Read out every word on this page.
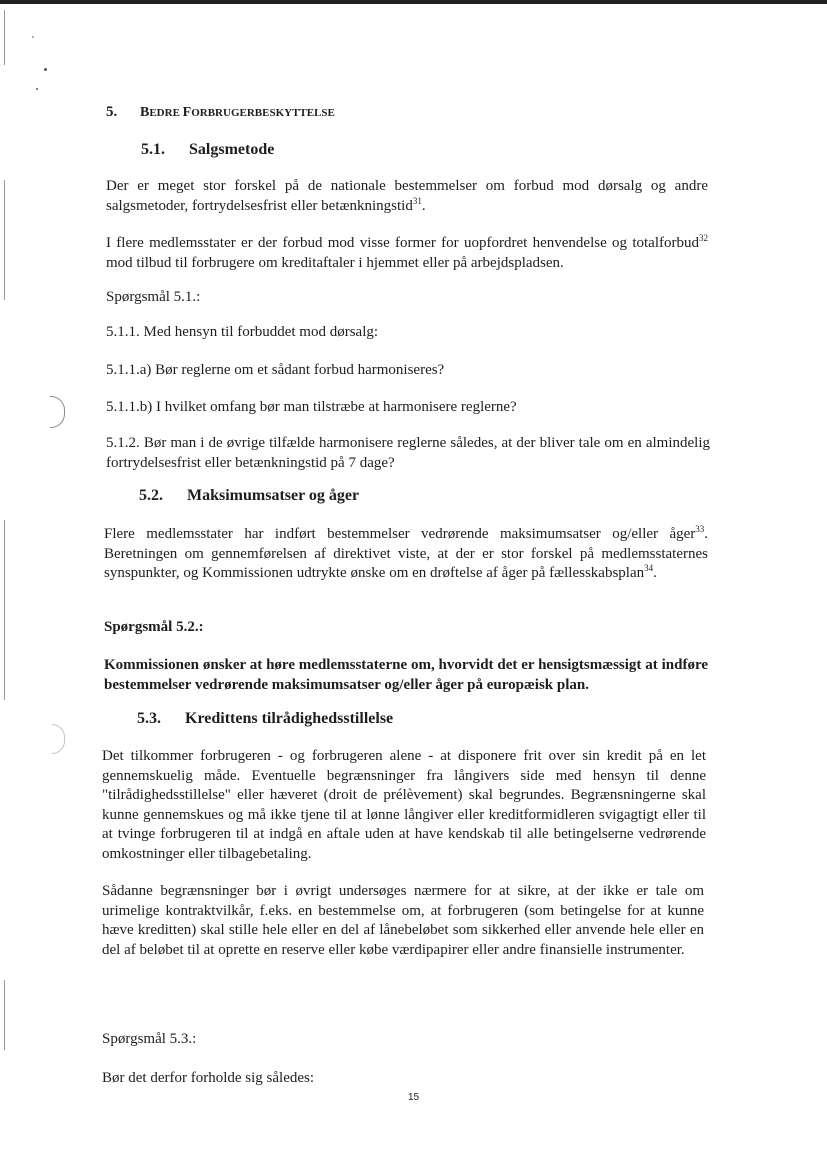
5. BEDRE FORBRUGERBESKYTTELSE
5.1. Salgsmetode

Der er meget stor forskel på de nationale bestemmelser om forbud mod dørsalg og andre salgsmetoder, fortrydelsesfrist eller betænkningstid$^{31}$.

I flere medlemsstater er der forbud mod visse former for uopfordret henvendelse og totalforbud$^{32}$ mod tilbud til forbrugere om kreditaftaler i hjemmet eller på arbejdspladsen.

Spørgsmål 5.1.:

5.1.1. Med hensyn til forbuddet mod dørsalg:

5.1.1.a) Bør reglerne om et sådant forbud harmoniseres?

5.1.1.b) I hvilket omfang bør man tilstræbe at harmonisere reglerne?

5.1.2. Bør man i de øvrige tilfælde harmonisere reglerne således, at der bliver tale om en almindelig fortrydelsesfrist eller betænkningstid på 7 dage?

5.2. Maksimumsatser og åger

Flere medlemsstater har indført bestemmelser vedrørende maksimumsatser og/eller åger$^{33}$. Beretningen om gennemførelsen af direktivet viste, at der er stor forskel på medlemsstaternes synspunkter, og Kommissionen udtrykte ønske om en drøftelse af åger på fællesskabsplan$^{34}$.

Spørgsmål 5.2.:

Kommissionen ønsker at høre medlemsstaterne om, hvorvidt det er hensigtsmæssigt at indføre bestemmelser vedrørende maksimumsatser og/eller åger på europæisk plan.

5.3. Kredittens tilrådighedsstillelse

Det tilkommer forbrugeren - og forbrugeren alene - at disponere frit over sin kredit på en let gennemskuelig måde. Eventuelle begrænsninger fra långivers side med hensyn til denne "tilrådighedsstillelse" eller hæveret (droit de prélèvement) skal begrundes. Begrænsningerne skal kunne gennemskues og må ikke tjene til at lønne långiver eller kreditformidleren svigagtigt eller til at tvinge forbrugeren til at indgå en aftale uden at have kendskab til alle betingelserne vedrørende omkostninger eller tilbagebetaling.

Sådanne begrænsninger bør i øvrigt undersøges nærmere for at sikre, at der ikke er tale om urimelige kontraktvilkår, f.eks. en bestemmelse om, at forbrugeren (som betingelse for at kunne hæve kreditten) skal stille hele eller en del af lånebeløbet som sikkerhed eller anvende hele eller en del af beløbet til at oprette en reserve eller købe værdipapirer eller andre finansielle instrumenter.

Spørgsmål 5.3.:

Bør det derfor forholde sig således:

15
